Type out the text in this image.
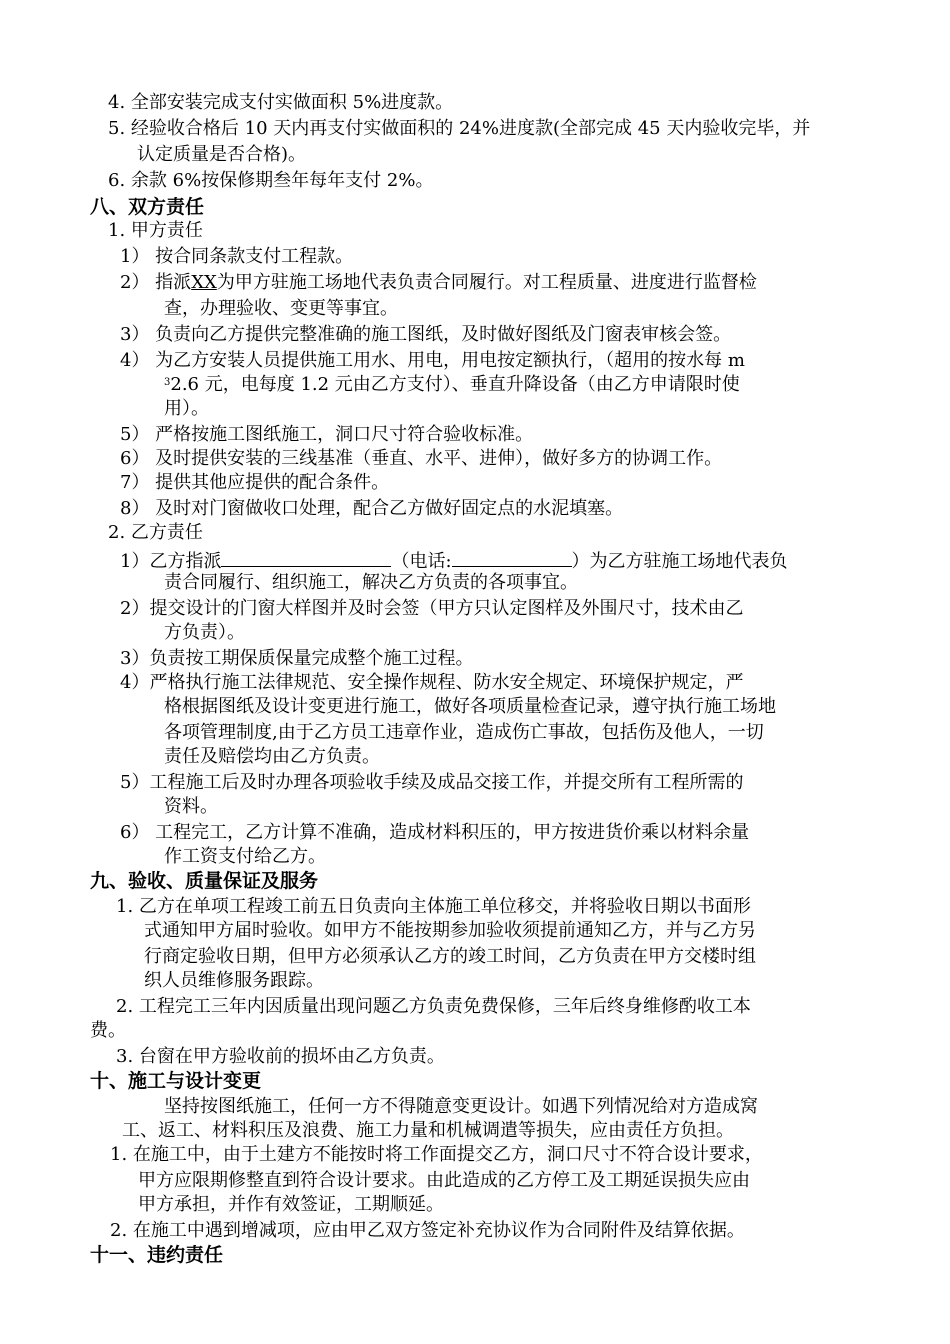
4. 全部安装完成支付实做面积 5%进度款。
5. 经验收合格后 10 天内再支付实做面积的 24%进度款(全部完成 45 天内验收完毕，并
认定质量是否合格)。
6. 余款 6%按保修期叁年每年支付 2%。
八、双方责任
1. 甲方责任
1） 按合同条款支付工程款。
2） 指派XX为甲方驻施工场地代表负责合同履行。对工程质量、进度进行监督检
查，办理验收、变更等事宜。
3） 负责向乙方提供完整准确的施工图纸，及时做好图纸及门窗表审核会签。
4） 为乙方安装人员提供施工用水、用电，用电按定额执行，（超用的按水每 m
$^3$2.6 元，电每度 1.2 元由乙方支付）、垂直升降设备（由乙方申请限时使
用）。
5） 严格按施工图纸施工，洞口尺寸符合验收标准。
6） 及时提供安装的三线基准（垂直、水平、进伸），做好多方的协调工作。
7） 提供其他应提供的配合条件。
8） 及时对门窗做收口处理，配合乙方做好固定点的水泥填塞。
2. 乙方责任
1）乙方指派	（电话:	）为乙方驻施工场地代表负
责合同履行、组织施工，解决乙方负责的各项事宜。
2）提交设计的门窗大样图并及时会签（甲方只认定图样及外围尺寸，技术由乙
方负责）。
3）负责按工期保质保量完成整个施工过程。
4）严格执行施工法律规范、安全操作规程、防水安全规定、环境保护规定，严
格根据图纸及设计变更进行施工，做好各项质量检查记录，遵守执行施工场地
各项管理制度,由于乙方员工违章作业，造成伤亡事故，包括伤及他人，一切
责任及赔偿均由乙方负责。
5）工程施工后及时办理各项验收手续及成品交接工作，并提交所有工程所需的
资料。
6） 工程完工，乙方计算不准确，造成材料积压的，甲方按进货价乘以材料余量
作工资支付给乙方。
九、验收、质量保证及服务
1. 乙方在单项工程竣工前五日负责向主体施工单位移交，并将验收日期以书面形
式通知甲方届时验收。如甲方不能按期参加验收须提前通知乙方，并与乙方另
行商定验收日期，但甲方必须承认乙方的竣工时间，乙方负责在甲方交楼时组
织人员维修服务跟踪。
2. 工程完工三年内因质量出现问题乙方负责免费保修，三年后终身维修酌收工本
费。
3. 台窗在甲方验收前的损坏由乙方负责。
十、施工与设计变更
坚持按图纸施工，任何一方不得随意变更设计。如遇下列情况给对方造成窝
工、返工、材料积压及浪费、施工力量和机械调遣等损失，应由责任方负担。
1. 在施工中，由于土建方不能按时将工作面提交乙方，洞口尺寸不符合设计要求，
甲方应限期修整直到符合设计要求。由此造成的乙方停工及工期延误损失应由
甲方承担，并作有效签证，工期顺延。
2. 在施工中遇到增减项，应由甲乙双方签定补充协议作为合同附件及结算依据。
十一、违约责任
